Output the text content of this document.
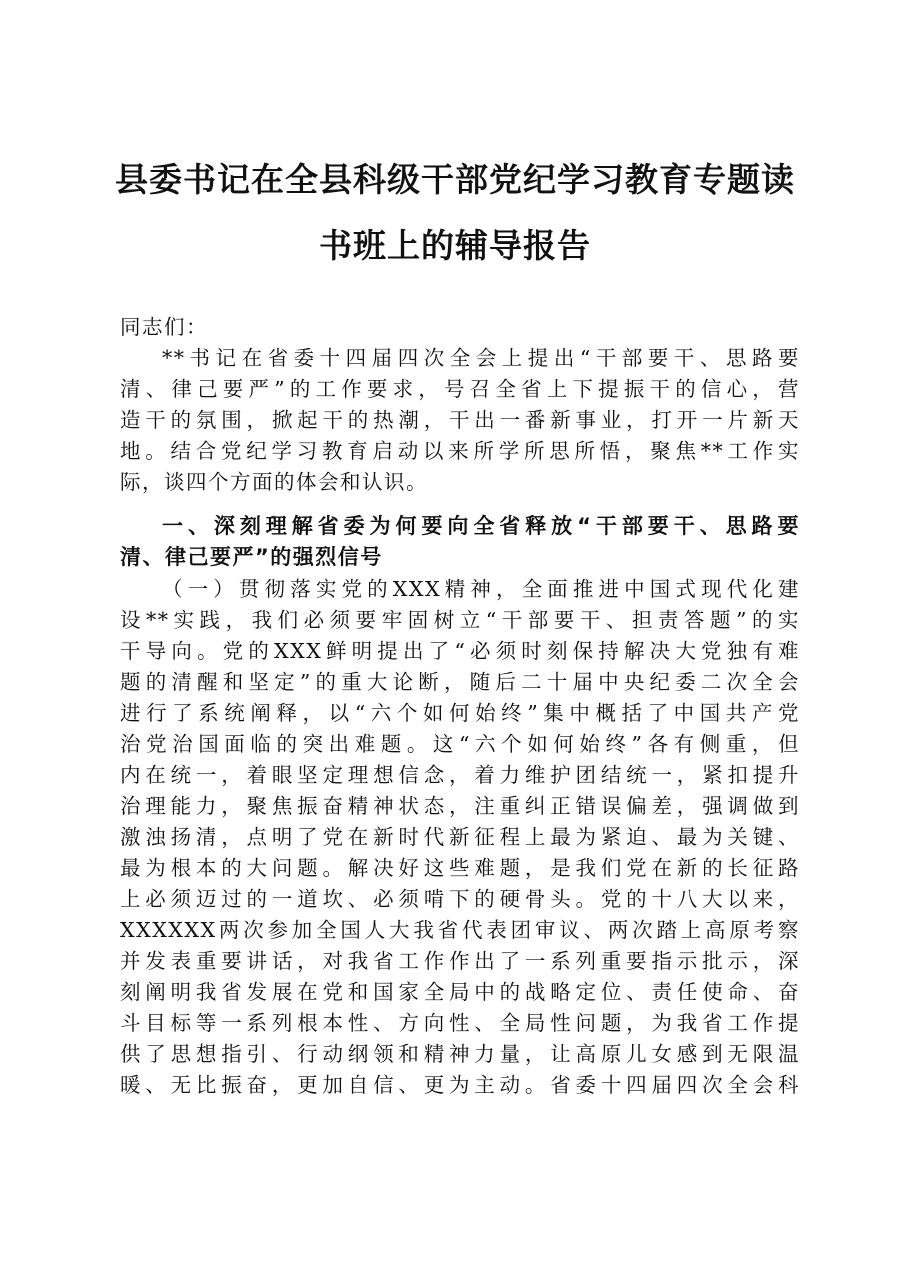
县委书记在全县科级干部党纪学习教育专题读
书班上的辅导报告
同志们：
**书记在省委十四届四次全会上提出“干部要干、思路要
清、律己要严”的工作要求，号召全省上下提振干的信心，营
造干的氛围，掀起干的热潮，干出一番新事业，打开一片新天
地。结合党纪学习教育启动以来所学所思所悟，聚焦**工作实
际，谈四个方面的体会和认识。
一、深刻理解省委为何要向全省释放“干部要干、思路要
清、律己要严”的强烈信号
（一）贯彻落实党的XXX精神，全面推进中国式现代化建
设**实践，我们必须要牢固树立“干部要干、担责答题”的实
干导向。党的XXX鲜明提出了“必须时刻保持解决大党独有难
题的清醒和坚定”的重大论断，随后二十届中央纪委二次全会
进行了系统阐释，以“六个如何始终”集中概括了中国共产党
治党治国面临的突出难题。这“六个如何始终”各有侧重，但
内在统一，着眼坚定理想信念，着力维护团结统一，紧扣提升
治理能力，聚焦振奋精神状态，注重纠正错误偏差，强调做到
激浊扬清，点明了党在新时代新征程上最为紧迫、最为关键、
最为根本的大问题。解决好这些难题，是我们党在新的长征路
上必须迈过的一道坎、必须啃下的硬骨头。党的十八大以来，
XXXXXX两次参加全国人大我省代表团审议、两次踏上高原考察
并发表重要讲话，对我省工作作出了一系列重要指示批示，深
刻阐明我省发展在党和国家全局中的战略定位、责任使命、奋
斗目标等一系列根本性、方向性、全局性问题，为我省工作提
供了思想指引、行动纲领和精神力量，让高原儿女感到无限温
暖、无比振奋，更加自信、更为主动。省委十四届四次全会科
